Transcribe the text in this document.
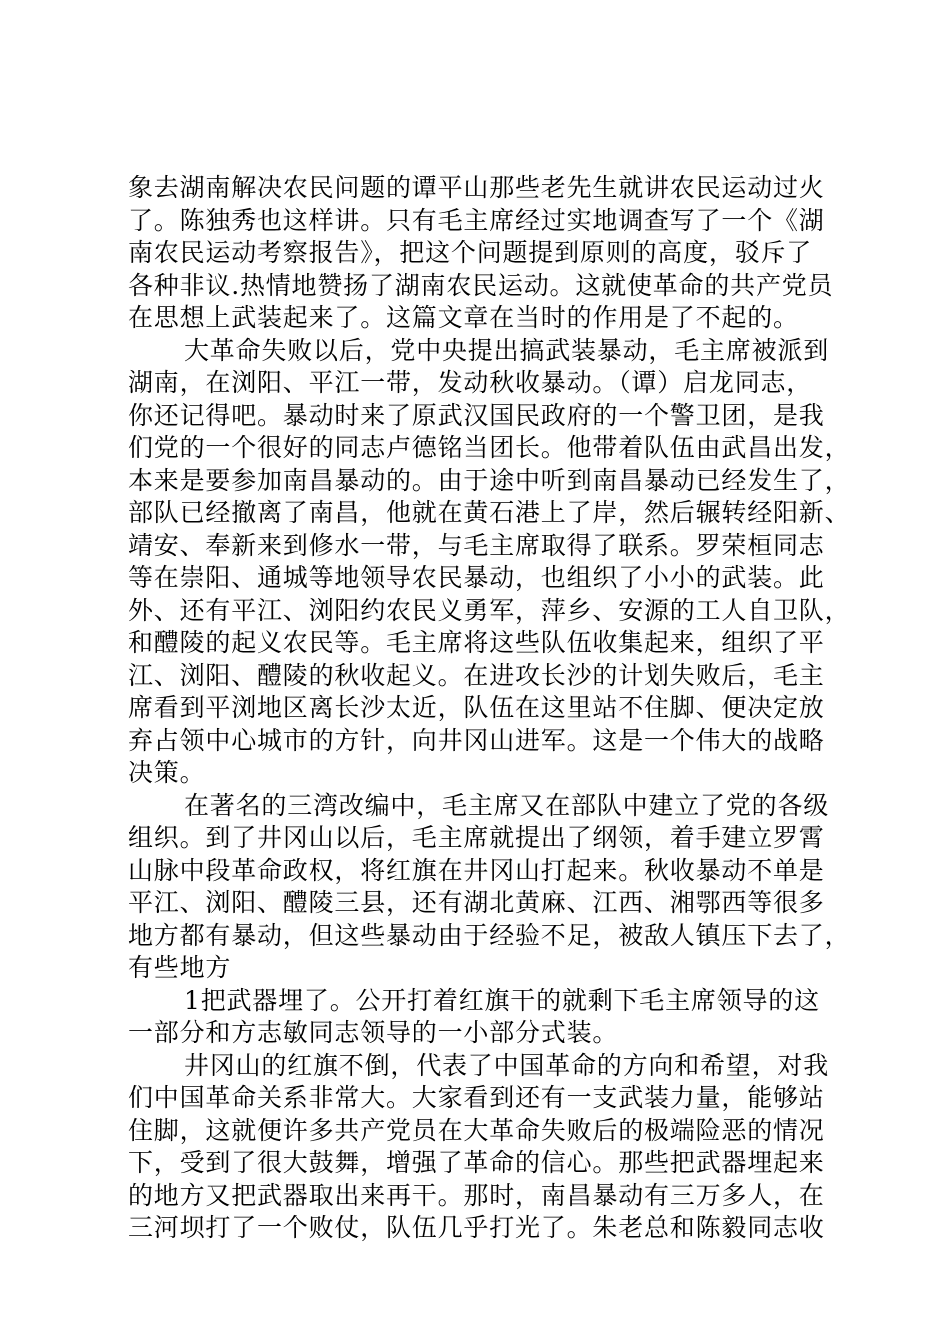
象去湖南解决农民问题的谭平山那些老先生就讲农民运动过火
了。陈独秀也这样讲。只有毛主席经过实地调查写了一个《湖
南农民运动考察报告》，把这个问题提到原则的高度，驳斥了
各种非议.热情地赞扬了湖南农民运动。这就使革命的共产党员
在思想上武装起来了。这篇文章在当时的作用是了不起的。
大革命失败以后，党中央提出搞武装暴动，毛主席被派到
湖南，在浏阳、平江一带，发动秋收暴动。（谭）启龙同志，
你还记得吧。暴动时来了原武汉国民政府的一个警卫团，是我
们党的一个很好的同志卢德铭当团长。他带着队伍由武昌出发，
本来是要参加南昌暴动的。由于途中听到南昌暴动已经发生了，
部队已经撤离了南昌，他就在黄石港上了岸，然后辗转经阳新、
靖安、奉新来到修水一带，与毛主席取得了联系。罗荣桓同志
等在崇阳、通城等地领导农民暴动，也组织了小小的武装。此
外、还有平江、浏阳约农民义勇军，萍乡、安源的工人自卫队，
和醴陵的起义农民等。毛主席将这些队伍收集起来，组织了平
江、浏阳、醴陵的秋收起义。在进攻长沙的计划失败后，毛主
席看到平浏地区离长沙太近，队伍在这里站不住脚、便决定放
弃占领中心城市的方针，向井冈山进军。这是一个伟大的战略
决策。
在著名的三湾改编中，毛主席又在部队中建立了党的各级
组织。到了井冈山以后，毛主席就提出了纲领，着手建立罗霄
山脉中段革命政权，将红旗在井冈山打起来。秋收暴动不单是
平江、浏阳、醴陵三县，还有湖北黄麻、江西、湘鄂西等很多
地方都有暴动，但这些暴动由于经验不足，被敌人镇压下去了，
有些地方
1把武器埋了。公开打着红旗干的就剩下毛主席领导的这
一部分和方志敏同志领导的一小部分式装。
井冈山的红旗不倒，代表了中国革命的方向和希望，对我
们中国革命关系非常大。大家看到还有一支武装力量，能够站
住脚，这就便许多共产党员在大革命失败后的极端险恶的情况
下，受到了很大鼓舞，增强了革命的信心。那些把武器埋起来
的地方又把武器取出来再干。那时，南昌暴动有三万多人，在
三河坝打了一个败仗，队伍几乎打光了。朱老总和陈毅同志收
